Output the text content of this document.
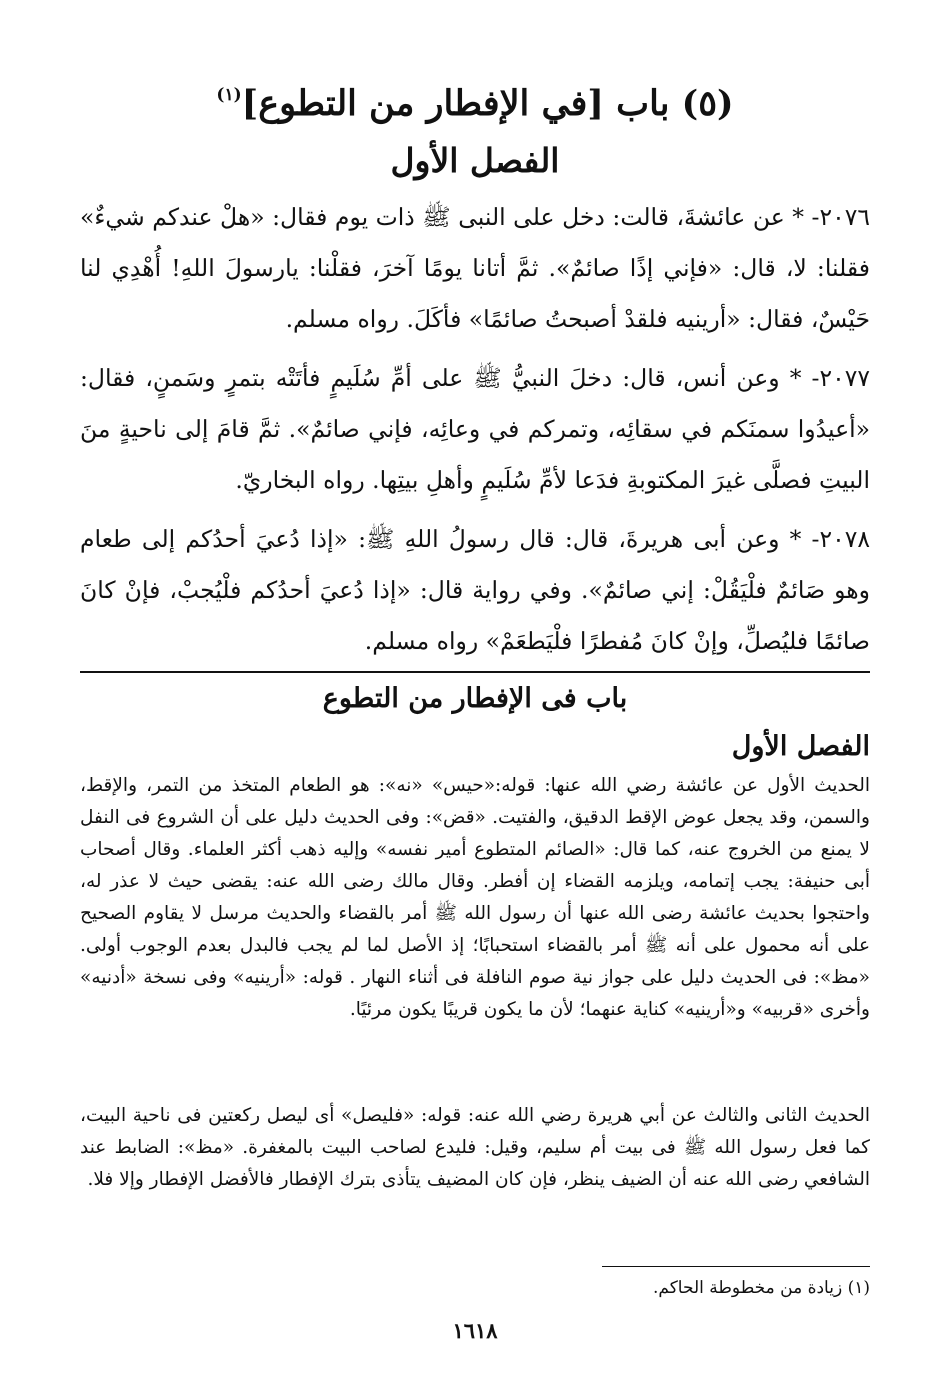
(٥) باب [في الإفطار من التطوع]$^{(١)}$
الفصل الأول
٢٠٧٦- * عن عائشةَ، قالت: دخل على النبى ﷺ ذات يوم فقال: «هلْ عندكم شيءٌ» فقلنا: لا، قال: «فإني إذًا صائمٌ». ثمَّ أتانا يومًا آخرَ، فقلْنا: يارسولَ اللهِ! أُهْدِي لنا حَيْسٌ، فقال: «أرينيه فلقدْ أصبحتُ صائمًا» فأكَلَ. رواه مسلم.
٢٠٧٧- * وعن أنس، قال: دخلَ النبيُّ ﷺ على أمِّ سُلَيمٍ فأتَتْه بتمرٍ وسَمنٍ، فقال: «أعيدُوا سمنَكم في سقائِه، وتمركم في وعائِه، فإني صائمٌ». ثمَّ قامَ إلى ناحيةٍ منَ البيتِ فصلَّى غيرَ المكتوبةِ فدَعا لأمِّ سُلَيمٍ وأهلِ بيتِها. رواه البخاريّ.
٢٠٧٨- * وعن أبى هريرةَ، قال: قال رسولُ اللهِ ﷺ: «إذا دُعيَ أحدُكم إلى طعام وهو صَائمٌ فلْيَقُلْ: إني صائمٌ». وفي رواية قال: «إذا دُعيَ أحدُكم فلْيُجبْ، فإنْ كانَ صائمًا فليُصلِّ، وإنْ كانَ مُفطرًا فلْيَطعَمْ» رواه مسلم.
باب فى الإفطار من التطوع
الفصل الأول
الحديث الأول عن عائشة رضي الله عنها: قوله:«حيس» «نه»: هو الطعام المتخذ من التمر، والإقط، والسمن، وقد يجعل عوض الإقط الدقيق، والفتيت. «قض»: وفى الحديث دليل على أن الشروع فى النفل لا يمنع من الخروج عنه، كما قال: «الصائم المتطوع أمير نفسه» وإليه ذهب أكثر العلماء. وقال أصحاب أبى حنيفة: يجب إتمامه، ويلزمه القضاء إن أفطر. وقال مالك رضى الله عنه: يقضى حيث لا عذر له، واحتجوا بحديث عائشة رضى الله عنها أن رسول الله ﷺ أمر بالقضاء والحديث مرسل لا يقاوم الصحيح على أنه محمول على أنه ﷺ أمر بالقضاء استحبابًا؛ إذ الأصل لما لم يجب فالبدل بعدم الوجوب أولى. «مظ»: فى الحديث دليل على جواز نية صوم النافلة فى أثناء النهار . قوله: «أرينيه» وفى نسخة «أدنيه» وأخرى «قربيه» و«أرينيه» كناية عنهما؛ لأن ما يكون قريبًا يكون مرئيًا.
الحديث الثانى والثالث عن أبي هريرة رضي الله عنه: قوله: «فليصل» أى ليصل ركعتين فى ناحية البيت، كما فعل رسول الله ﷺ فى بيت أم سليم، وقيل: فليدع لصاحب البيت بالمغفرة. «مظ»: الضابط عند الشافعي رضى الله عنه أن الضيف ينظر، فإن كان المضيف يتأذى بترك الإفطار فالأفضل الإفطار وإلا فلا.
(١) زيادة من مخطوطة الحاكم.
١٦١٨
